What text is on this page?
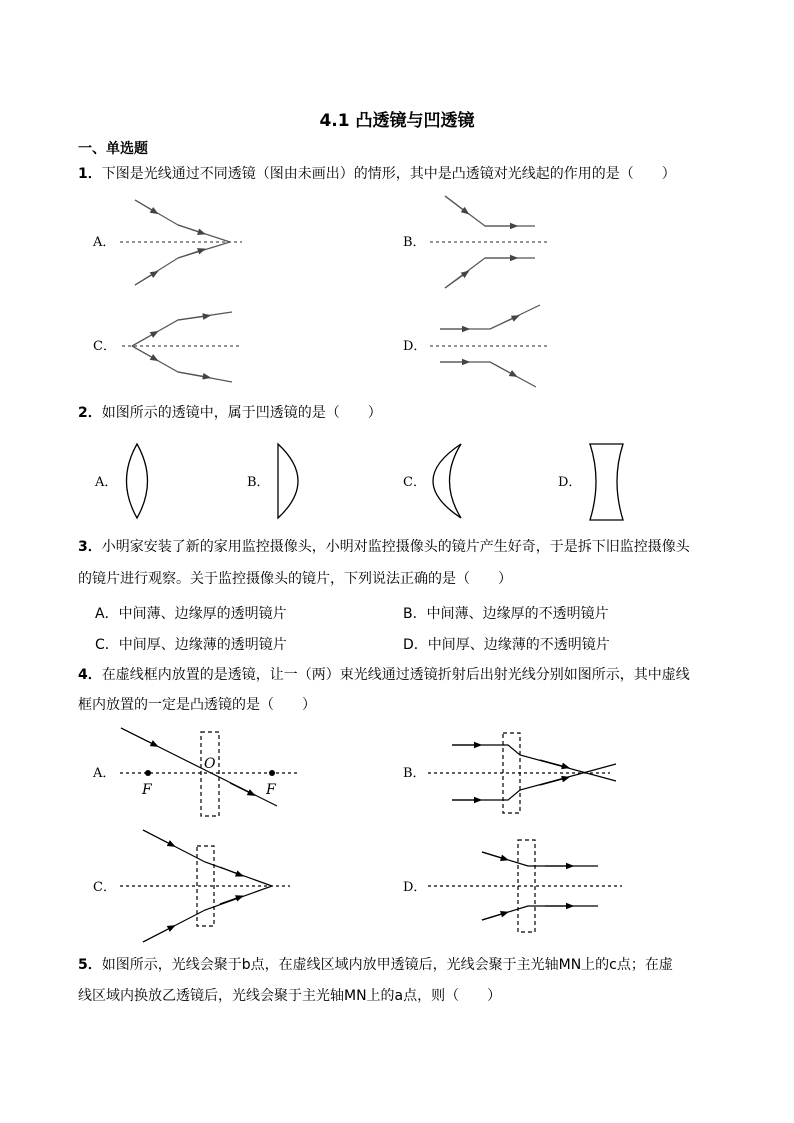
4.1 凸透镜与凹透镜
一、单选题
1．下图是光线通过不同透镜（图由未画出）的情形，其中是凸透镜对光线起的作用的是（　　）
A．	B．
C．	D．
A．	B．	C．	D．
A．
O
F	F
B．
C．	D．
2．如图所示的透镜中，属于凹透镜的是（　　）
3．小明家安装了新的家用监控摄像头，小明对监控摄像头的镜片产生好奇，于是拆下旧监控摄像头
的镜片进行观察。关于监控摄像头的镜片，下列说法正确的是（　　）
A．中间薄、边缘厚的透明镜片	B．中间薄、边缘厚的不透明镜片
C．中间厚、边缘薄的透明镜片	D．中间厚、边缘薄的不透明镜片
4．在虚线框内放置的是透镜，让一（两）束光线通过透镜折射后出射光线分别如图所示，其中虚线
框内放置的一定是凸透镜的是（　　）
5．如图所示，光线会聚于b点，在虚线区域内放甲透镜后，光线会聚于主光轴MN上的c点；在虚
线区域内换放乙透镜后，光线会聚于主光轴MN上的a点，则（　　）
